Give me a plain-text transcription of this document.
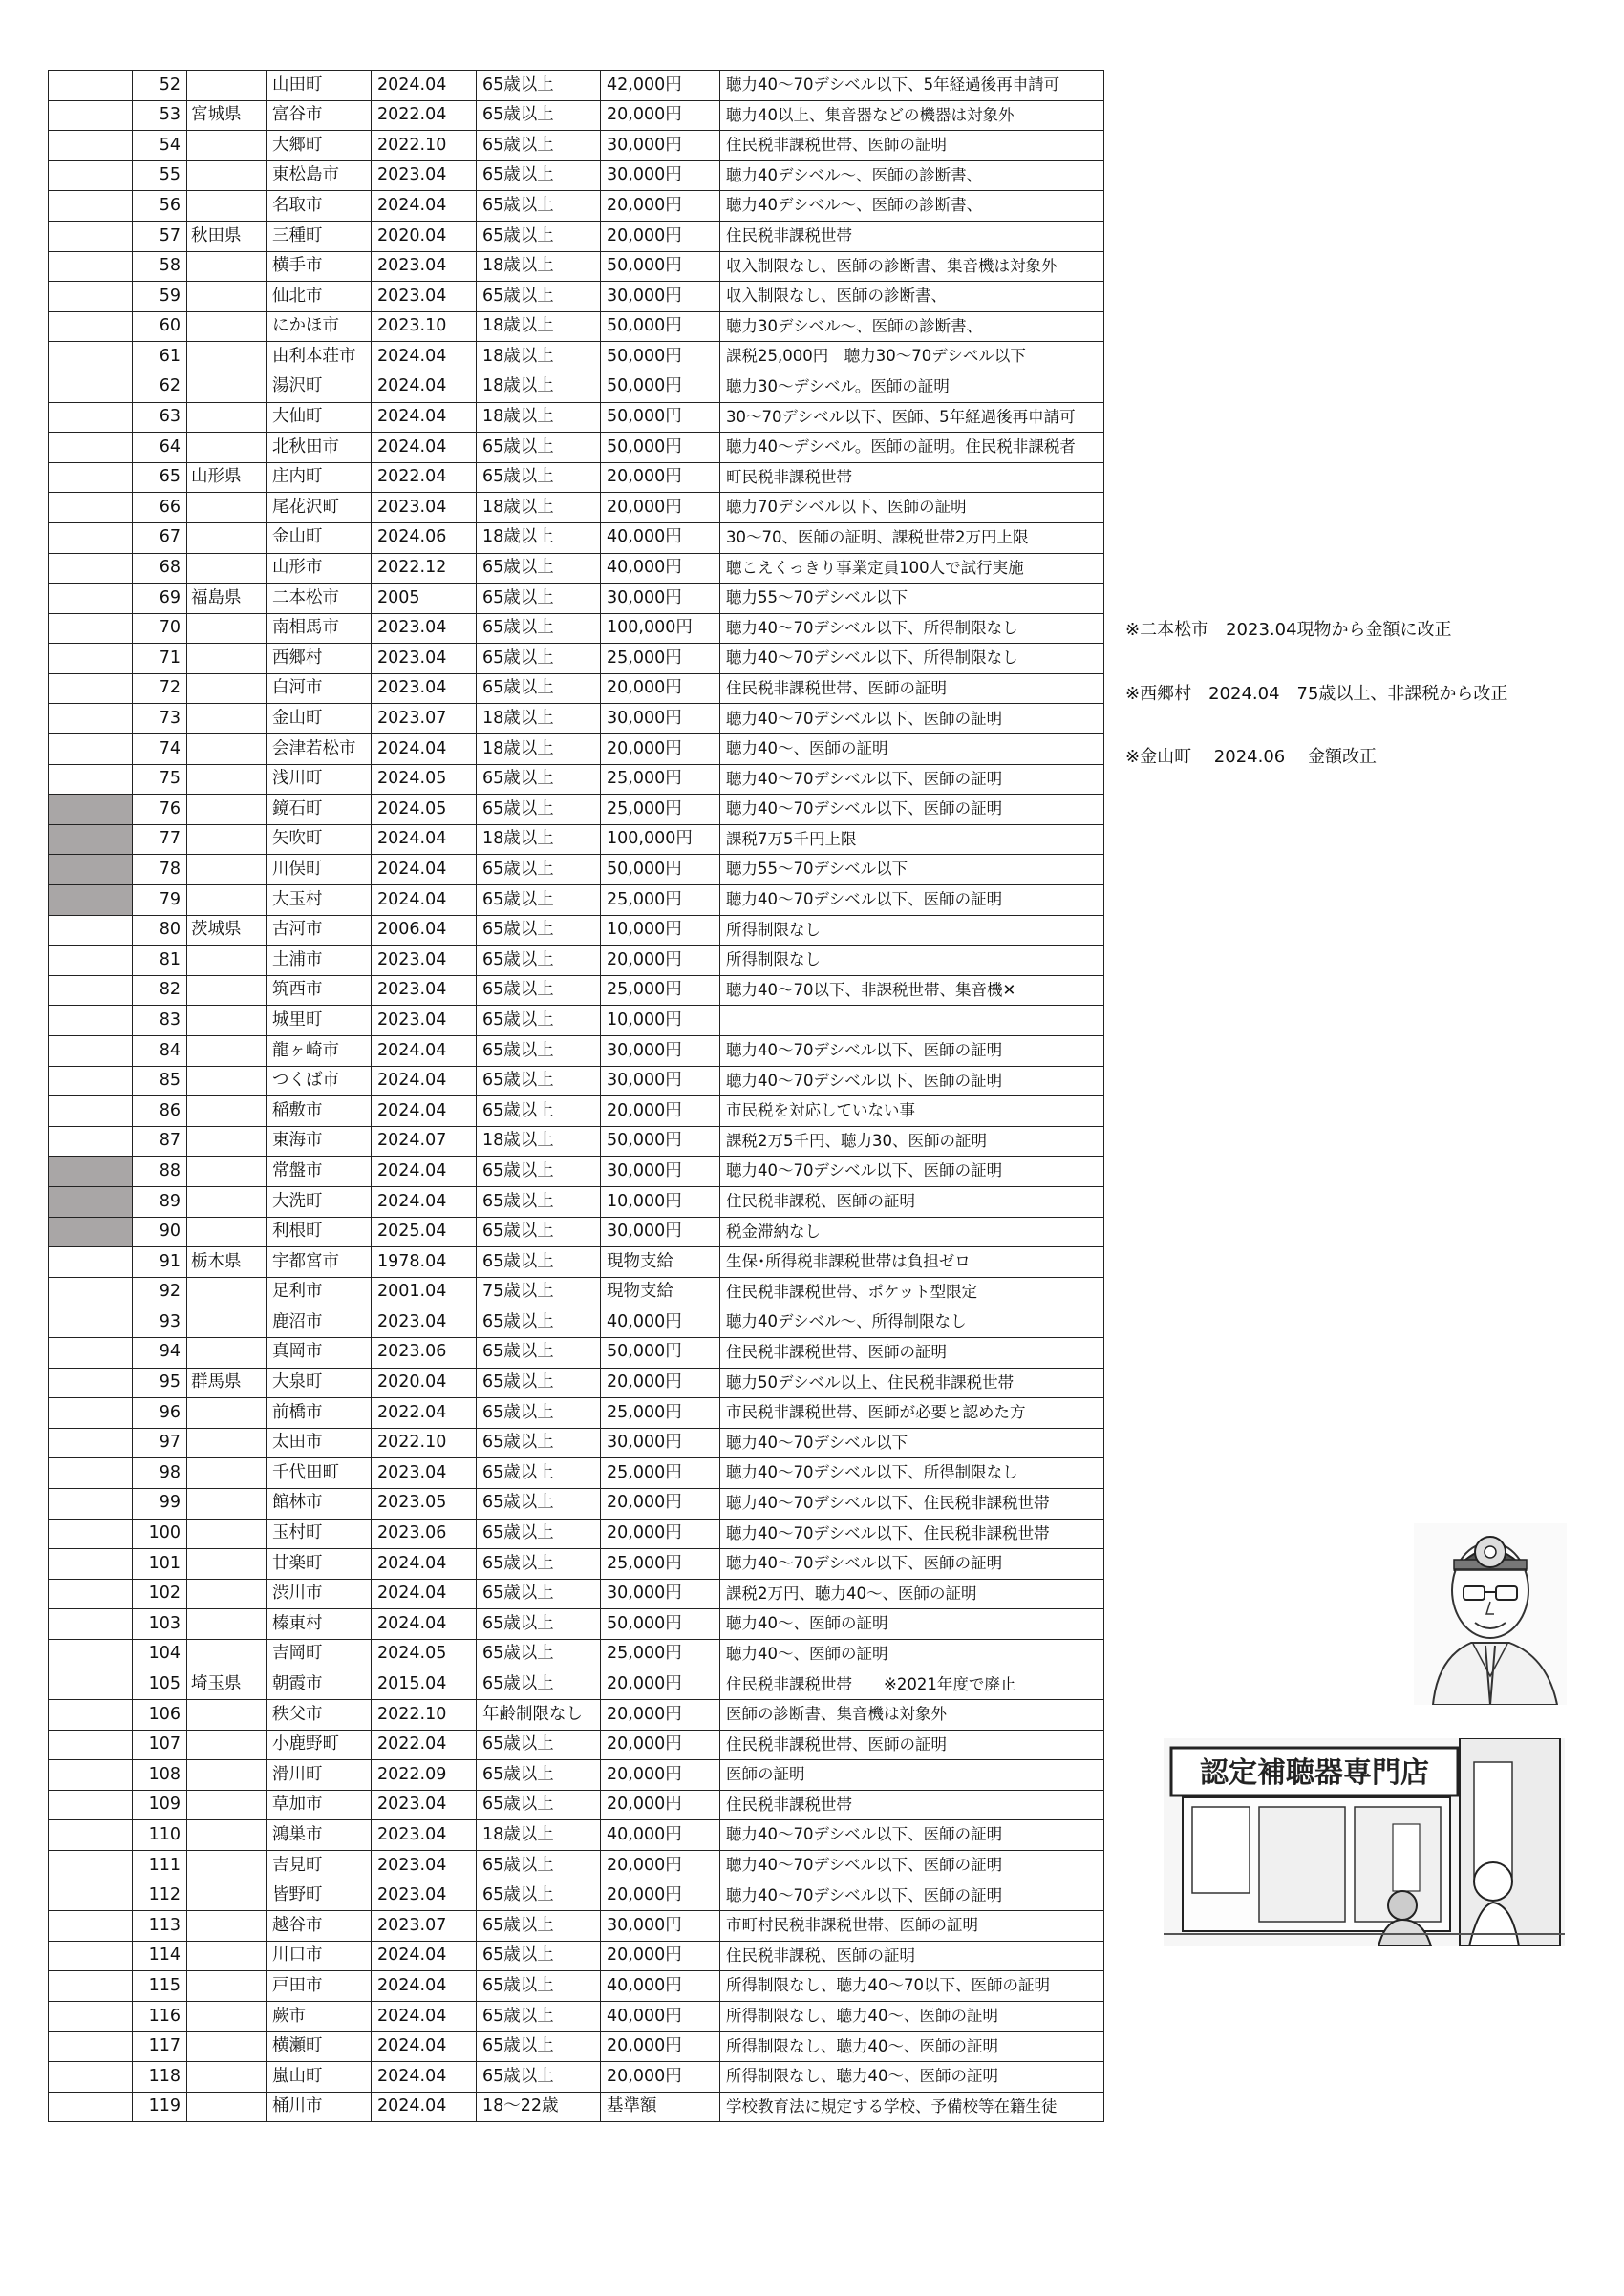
	52		山田町	2024.04	65歳以上	42,000円	聴力40～70デシベル以下、5年経過後再申請可
	53	宮城県	富谷市	2022.04	65歳以上	20,000円	聴力40以上、集音器などの機器は対象外
	54		大郷町	2022.10	65歳以上	30,000円	住民税非課税世帯、医師の証明
	55		東松島市	2023.04	65歳以上	30,000円	聴力40デシベル～、医師の診断書、
	56		名取市	2024.04	65歳以上	20,000円	聴力40デシベル～、医師の診断書、
	57	秋田県	三種町	2020.04	65歳以上	20,000円	住民税非課税世帯
	58		横手市	2023.04	18歳以上	50,000円	収入制限なし、医師の診断書、集音機は対象外
	59		仙北市	2023.04	65歳以上	30,000円	収入制限なし、医師の診断書、
	60		にかほ市	2023.10	18歳以上	50,000円	聴力30デシベル～、医師の診断書、
	61		由利本荘市	2024.04	18歳以上	50,000円	課税25,000円　聴力30～70デシベル以下
	62		湯沢町	2024.04	18歳以上	50,000円	聴力30～デシベル。医師の証明
	63		大仙町	2024.04	18歳以上	50,000円	30～70デシベル以下、医師、5年経過後再申請可
	64		北秋田市	2024.04	65歳以上	50,000円	聴力40～デシベル。医師の証明。住民税非課税者
	65	山形県	庄内町	2022.04	65歳以上	20,000円	町民税非課税世帯
	66		尾花沢町	2023.04	18歳以上	20,000円	聴力70デシベル以下、医師の証明
	67		金山町	2024.06	18歳以上	40,000円	30～70、医師の証明、課税世帯2万円上限
	68		山形市	2022.12	65歳以上	40,000円	聴こえくっきり事業定員100人で試行実施
	69	福島県	二本松市	2005	65歳以上	30,000円	聴力55～70デシベル以下
	70		南相馬市	2023.04	65歳以上	100,000円	聴力40～70デシベル以下、所得制限なし
	71		西郷村	2023.04	65歳以上	25,000円	聴力40～70デシベル以下、所得制限なし
	72		白河市	2023.04	65歳以上	20,000円	住民税非課税世帯、医師の証明
	73		金山町	2023.07	18歳以上	30,000円	聴力40～70デシベル以下、医師の証明
	74		会津若松市	2024.04	18歳以上	20,000円	聴力40～、医師の証明
	75		浅川町	2024.05	65歳以上	25,000円	聴力40～70デシベル以下、医師の証明
	76		鏡石町	2024.05	65歳以上	25,000円	聴力40～70デシベル以下、医師の証明
	77		矢吹町	2024.04	18歳以上	100,000円	課税7万5千円上限
	78		川俣町	2024.04	65歳以上	50,000円	聴力55～70デシベル以下
	79		大玉村	2024.04	65歳以上	25,000円	聴力40～70デシベル以下、医師の証明
	80	茨城県	古河市	2006.04	65歳以上	10,000円	所得制限なし
	81		土浦市	2023.04	65歳以上	20,000円	所得制限なし
	82		筑西市	2023.04	65歳以上	25,000円	聴力40～70以下、非課税世帯、集音機✕
	83		城里町	2023.04	65歳以上	10,000円	
	84		龍ヶ崎市	2024.04	65歳以上	30,000円	聴力40～70デシベル以下、医師の証明
	85		つくば市	2024.04	65歳以上	30,000円	聴力40～70デシベル以下、医師の証明
	86		稲敷市	2024.04	65歳以上	20,000円	市民税を対応していない事
	87		東海市	2024.07	18歳以上	50,000円	課税2万5千円、聴力30、医師の証明
	88		常盤市	2024.04	65歳以上	30,000円	聴力40～70デシベル以下、医師の証明
	89		大洗町	2024.04	65歳以上	10,000円	住民税非課税、医師の証明
	90		利根町	2025.04	65歳以上	30,000円	税金滞納なし
	91	栃木県	宇都宮市	1978.04	65歳以上	現物支給	生保･所得税非課税世帯は負担ゼロ
	92		足利市	2001.04	75歳以上	現物支給	住民税非課税世帯、ポケット型限定
	93		鹿沼市	2023.04	65歳以上	40,000円	聴力40デシベル～、所得制限なし
	94		真岡市	2023.06	65歳以上	50,000円	住民税非課税世帯、医師の証明
	95	群馬県	大泉町	2020.04	65歳以上	20,000円	聴力50デシベル以上、住民税非課税世帯
	96		前橋市	2022.04	65歳以上	25,000円	市民税非課税世帯、医師が必要と認めた方
	97		太田市	2022.10	65歳以上	30,000円	聴力40～70デシベル以下
	98		千代田町	2023.04	65歳以上	25,000円	聴力40～70デシベル以下、所得制限なし
	99		館林市	2023.05	65歳以上	20,000円	聴力40～70デシベル以下、住民税非課税世帯
	100		玉村町	2023.06	65歳以上	20,000円	聴力40～70デシベル以下、住民税非課税世帯
	101		甘楽町	2024.04	65歳以上	25,000円	聴力40～70デシベル以下、医師の証明
	102		渋川市	2024.04	65歳以上	30,000円	課税2万円、聴力40～、医師の証明
	103		榛東村	2024.04	65歳以上	50,000円	聴力40～、医師の証明
	104		吉岡町	2024.05	65歳以上	25,000円	聴力40～、医師の証明
	105	埼玉県	朝霞市	2015.04	65歳以上	20,000円	住民税非課税世帯　　※2021年度で廃止
	106		秩父市	2022.10	年齢制限なし	20,000円	医師の診断書、集音機は対象外
	107		小鹿野町	2022.04	65歳以上	20,000円	住民税非課税世帯、医師の証明
	108		滑川町	2022.09	65歳以上	20,000円	医師の証明
	109		草加市	2023.04	65歳以上	20,000円	住民税非課税世帯
	110		鴻巣市	2023.04	18歳以上	40,000円	聴力40～70デシベル以下、医師の証明
	111		吉見町	2023.04	65歳以上	20,000円	聴力40～70デシベル以下、医師の証明
	112		皆野町	2023.04	65歳以上	20,000円	聴力40～70デシベル以下、医師の証明
	113		越谷市	2023.07	65歳以上	30,000円	市町村民税非課税世帯、医師の証明
	114		川口市	2024.04	65歳以上	20,000円	住民税非課税、医師の証明
	115		戸田市	2024.04	65歳以上	40,000円	所得制限なし、聴力40～70以下、医師の証明
	116		蕨市	2024.04	65歳以上	40,000円	所得制限なし、聴力40～、医師の証明
	117		横瀬町	2024.04	65歳以上	20,000円	所得制限なし、聴力40～、医師の証明
	118		嵐山町	2024.04	65歳以上	20,000円	所得制限なし、聴力40～、医師の証明
	119		桶川市	2024.04	18～22歳	基準額	学校教育法に規定する学校、予備校等在籍生徒
※二本松市　2023.04現物から金額に改正
※西郷村　2024.04　75歳以上、非課税から改正
※金山町　 2024.06　 金額改正
認定補聴器専門店
